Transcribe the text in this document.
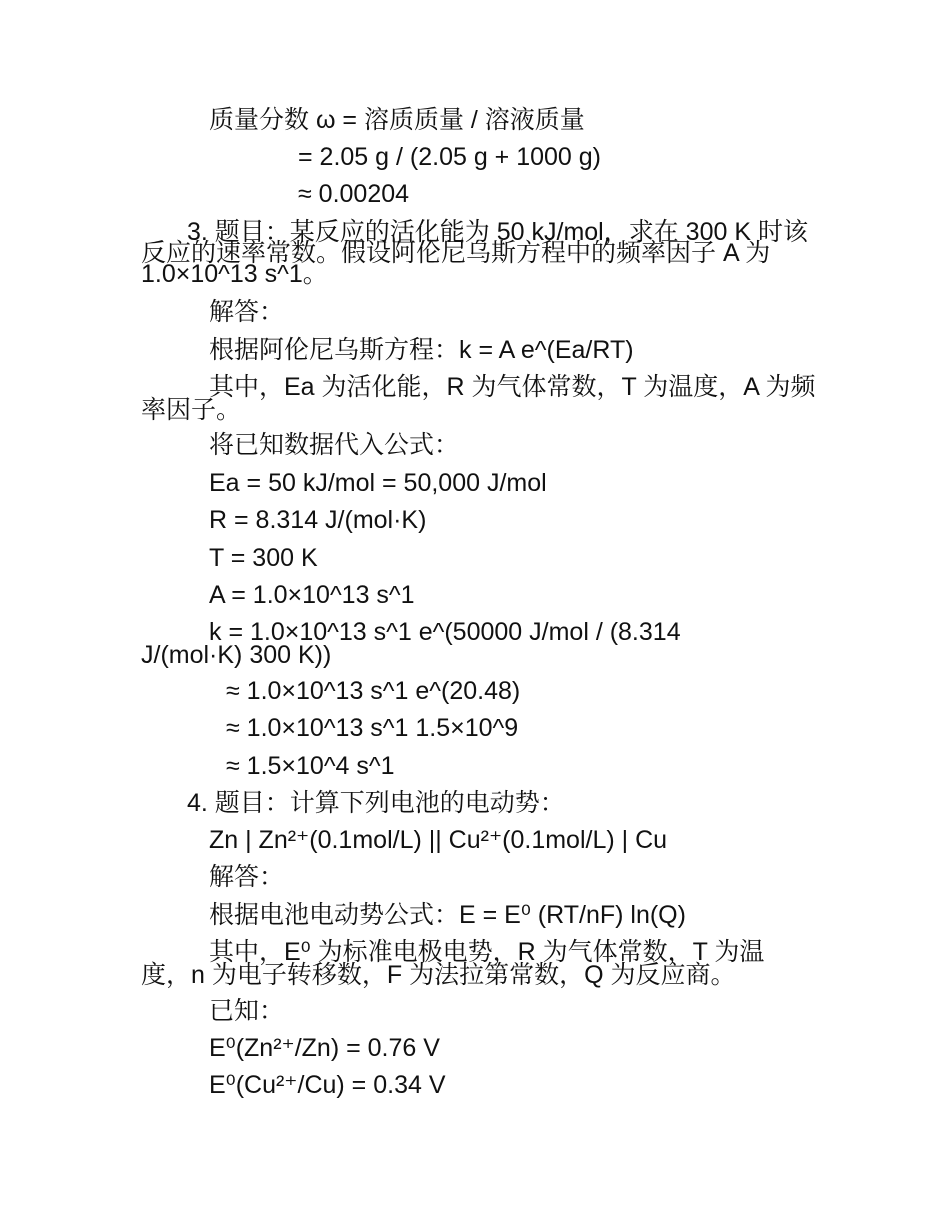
质量分数 ω = 溶质质量 / 溶液质量
= 2.05 g / (2.05 g + 1000 g)
≈ 0.00204
3. 题目：某反应的活化能为 50 kJ/mol，求在 300 K 时该
反应的速率常数。假设阿伦尼乌斯方程中的频率因子 A 为
1.0×10^13 s^1。
解答：
根据阿伦尼乌斯方程：k = A e^(Ea/RT)
其中，Ea 为活化能，R 为气体常数，T 为温度，A 为频
率因子。
将已知数据代入公式：
Ea = 50 kJ/mol = 50,000 J/mol
R = 8.314 J/(mol·K)
T = 300 K
A = 1.0×10^13 s^1
k = 1.0×10^13 s^1 e^(50000 J/mol / (8.314
J/(mol·K) 300 K))
≈ 1.0×10^13 s^1 e^(20.48)
≈ 1.0×10^13 s^1 1.5×10^9
≈ 1.5×10^4 s^1
4. 题目：计算下列电池的电动势：
Zn | Zn²⁺(0.1mol/L) || Cu²⁺(0.1mol/L) | Cu
解答：
根据电池电动势公式：E = E⁰ (RT/nF) ln(Q)
其中，E⁰ 为标准电极电势，R 为气体常数，T 为温
度，n 为电子转移数，F 为法拉第常数，Q 为反应商。
已知：
E⁰(Zn²⁺/Zn) = 0.76 V
E⁰(Cu²⁺/Cu) = 0.34 V
